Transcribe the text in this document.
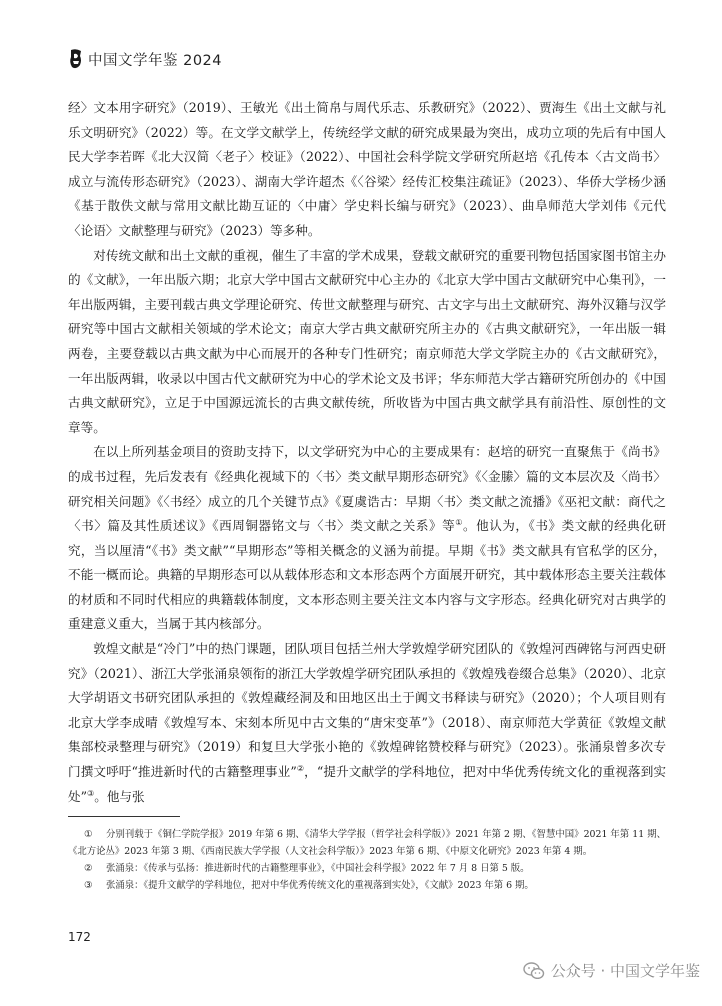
中国文学年鉴 2024

经〉文本用字研究》（2019）、王敏光《出土简帛与周代乐志、乐教研究》（2022）、贾海生《出土文献与礼乐文明研究》（2022）等。在文学文献学上，传统经学文献的研究成果最为突出，成功立项的先后有中国人民大学李若晖《北大汉简〈老子〉校证》（2022）、中国社会科学院文学研究所赵培《孔传本〈古文尚书〉成立与流传形态研究》（2023）、湖南大学许超杰《〈谷梁〉经传汇校集注疏证》（2023）、华侨大学杨少涵《基于散佚文献与常用文献比勘互证的〈中庸〉学史料长编与研究》（2023）、曲阜师范大学刘伟《元代〈论语〉文献整理与研究》（2023）等多种。

对传统文献和出土文献的重视，催生了丰富的学术成果，登载文献研究的重要刊物包括国家图书馆主办的《文献》，一年出版六期；北京大学中国古文献研究中心主办的《北京大学中国古文献研究中心集刊》，一年出版两辑，主要刊载古典文学理论研究、传世文献整理与研究、古文字与出土文献研究、海外汉籍与汉学研究等中国古文献相关领域的学术论文；南京大学古典文献研究所主办的《古典文献研究》，一年出版一辑两卷，主要登载以古典文献为中心而展开的各种专门性研究；南京师范大学文学院主办的《古文献研究》，一年出版两辑，收录以中国古代文献研究为中心的学术论文及书评；华东师范大学古籍研究所创办的《中国古典文献研究》，立足于中国源远流长的古典文献传统，所收皆为中国古典文献学具有前沿性、原创性的文章等。

在以上所列基金项目的资助支持下，以文学研究为中心的主要成果有：赵培的研究一直聚焦于《尚书》的成书过程，先后发表有《经典化视域下的〈书〉类文献早期形态研究》《〈金縢〉篇的文本层次及〈尚书〉研究相关问题》《〈书经〉成立的几个关键节点》《夏虞诰古：早期〈书〉类文献之流播》《巫祀文献：商代之〈书〉篇及其性质述议》《西周铜器铭文与〈书〉类文献之关系》等①。他认为，《书》类文献的经典化研究，当以厘清“《书》类文献”“早期形态”等相关概念的义涵为前提。早期《书》类文献具有官私学的区分，不能一概而论。典籍的早期形态可以从载体形态和文本形态两个方面展开研究，其中载体形态主要关注载体的材质和不同时代相应的典籍载体制度，文本形态则主要关注文本内容与文字形态。经典化研究对古典学的重建意义重大，当属于其内核部分。

敦煌文献是“冷门”中的热门课题，团队项目包括兰州大学敦煌学研究团队的《敦煌河西碑铭与河西史研究》（2021）、浙江大学张涌泉领衔的浙江大学敦煌学研究团队承担的《敦煌残卷缀合总集》（2020）、北京大学胡语文书研究团队承担的《敦煌藏经洞及和田地区出土于阗文书释读与研究》（2020）；个人项目则有北京大学李成晴《敦煌写本、宋刻本所见中古文集的“唐宋变革”》（2018）、南京师范大学黄征《敦煌文献集部校录整理与研究》（2019）和复旦大学张小艳的《敦煌碑铭赞校释与研究》（2023）。张涌泉曾多次专门撰文呼吁“推进新时代的古籍整理事业”②，“提升文献学的学科地位，把对中华优秀传统文化的重视落到实处”③。他与张

① 分别刊载于《铜仁学院学报》2019 年第 6 期、《清华大学学报（哲学社会科学版）》2021 年第 2 期、《智慧中国》2021 年第 11 期、《北方论丛》2023 年第 3 期、《西南民族大学学报（人文社会科学版）》2023 年第 6 期、《中原文化研究》2023 年第 4 期。

② 张涌泉：《传承与弘扬：推进新时代的古籍整理事业》，《中国社会科学报》2022 年 7 月 8 日第 5 版。

③ 张涌泉：《提升文献学的学科地位，把对中华优秀传统文化的重视落到实处》，《文献》2023 年第 6 期。

172
公众号 · 中国文学年鉴
